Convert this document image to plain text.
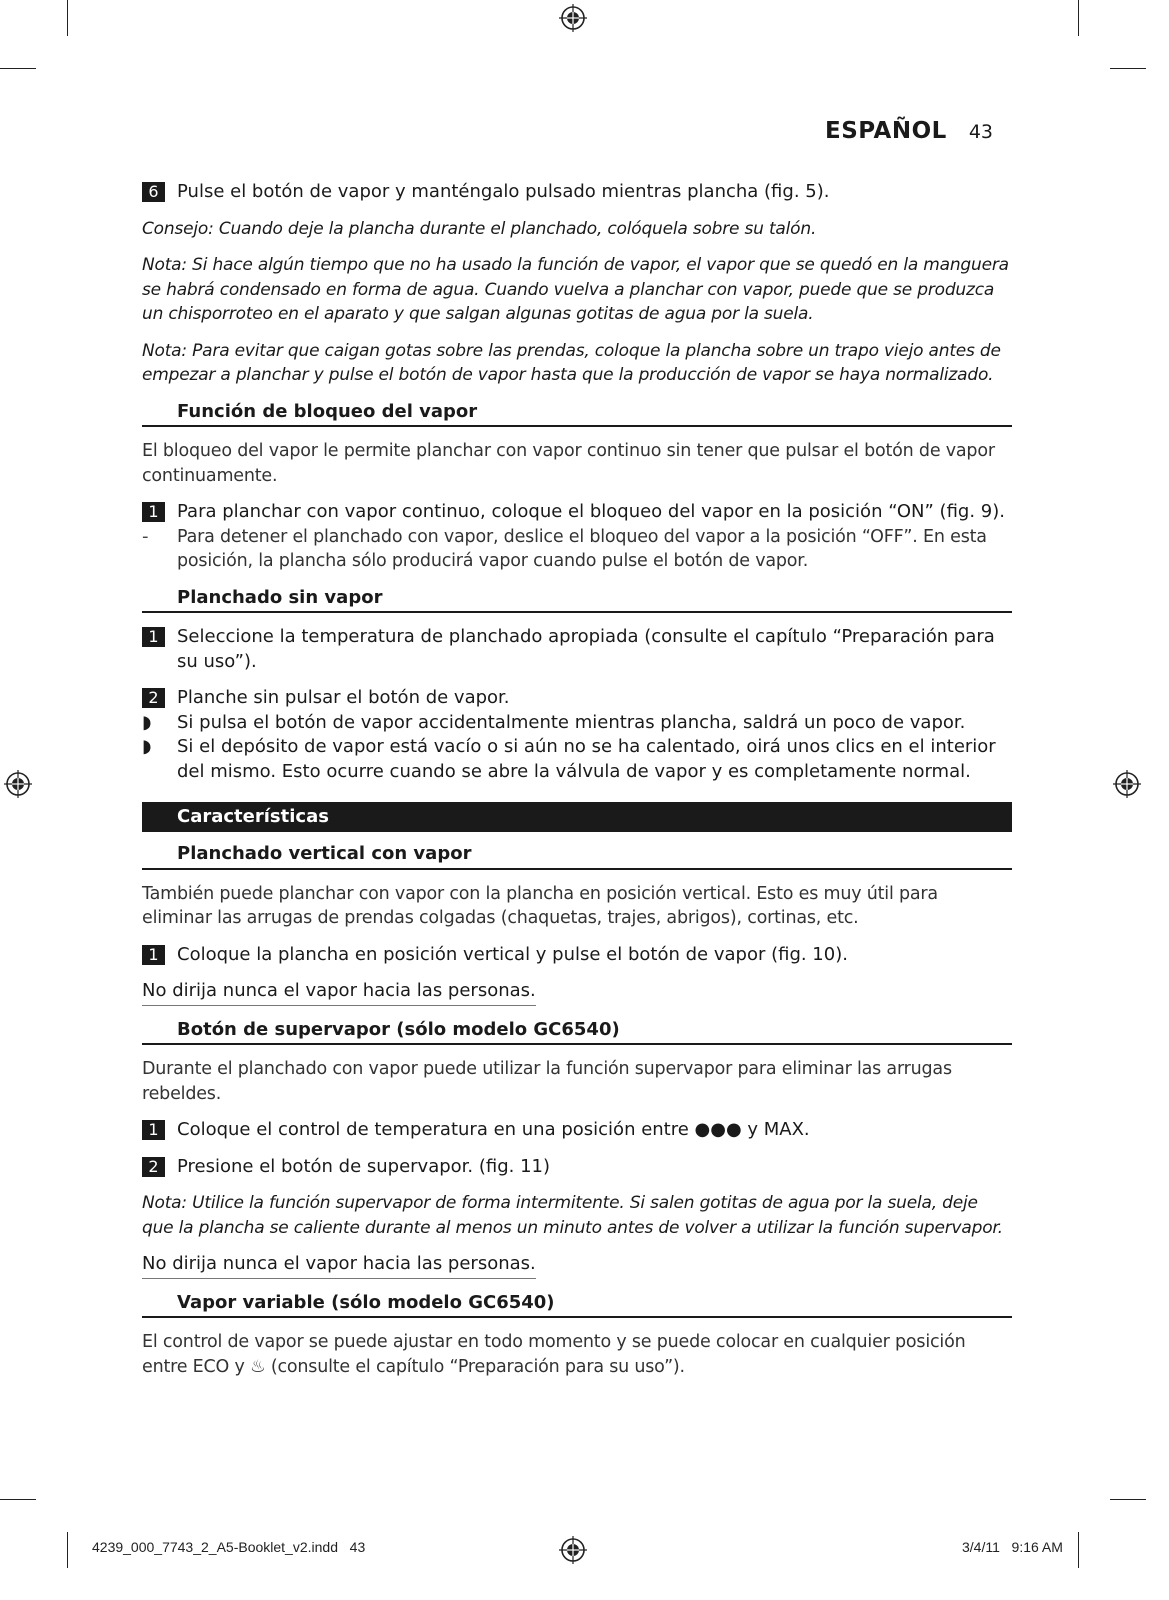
ESPAÑOL 43
6	Pulse el botón de vapor y manténgalo pulsado mientras plancha (fig. 5).
Consejo: Cuando deje la plancha durante el planchado, colóquela sobre su talón.
Nota: Si hace algún tiempo que no ha usado la función de vapor, el vapor que se quedó en la manguera se habrá condensado en forma de agua. Cuando vuelva a planchar con vapor, puede que se produzca un chisporroteo en el aparato y que salgan algunas gotitas de agua por la suela.
Nota: Para evitar que caigan gotas sobre las prendas, coloque la plancha sobre un trapo viejo antes de empezar a planchar y pulse el botón de vapor hasta que la producción de vapor se haya normalizado.
Función de bloqueo del vapor
El bloqueo del vapor le permite planchar con vapor continuo sin tener que pulsar el botón de vapor continuamente.
1	Para planchar con vapor continuo, coloque el bloqueo del vapor en la posición “ON” (fig. 9).
-	Para detener el planchado con vapor, deslice el bloqueo del vapor a la posición “OFF”. En esta posición, la plancha sólo producirá vapor cuando pulse el botón de vapor.
Planchado sin vapor
1	Seleccione la temperatura de planchado apropiada (consulte el capítulo “Preparación para su uso”).
2	Planche sin pulsar el botón de vapor.
◗	Si pulsa el botón de vapor accidentalmente mientras plancha, saldrá un poco de vapor.
◗	Si el depósito de vapor está vacío o si aún no se ha calentado, oirá unos clics en el interior del mismo. Esto ocurre cuando se abre la válvula de vapor y es completamente normal.
Características
Planchado vertical con vapor
También puede planchar con vapor con la plancha en posición vertical. Esto es muy útil para eliminar las arrugas de prendas colgadas (chaquetas, trajes, abrigos), cortinas, etc.
1	Coloque la plancha en posición vertical y pulse el botón de vapor (fig. 10).
No dirija nunca el vapor hacia las personas.
Botón de supervapor (sólo modelo GC6540)
Durante el planchado con vapor puede utilizar la función supervapor para eliminar las arrugas rebeldes.
1	Coloque el control de temperatura en una posición entre ●●● y MAX.
2	Presione el botón de supervapor. (fig. 11)
Nota: Utilice la función supervapor de forma intermitente. Si salen gotitas de agua por la suela, deje que la plancha se caliente durante al menos un minuto antes de volver a utilizar la función supervapor.
No dirija nunca el vapor hacia las personas.
Vapor variable (sólo modelo GC6540)
El control de vapor se puede ajustar en todo momento y se puede colocar en cualquier posición entre ECO y ♨ (consulte el capítulo “Preparación para su uso”).
4239_000_7743_2_A5-Booklet_v2.indd   43	3/4/11   9:16 AM
